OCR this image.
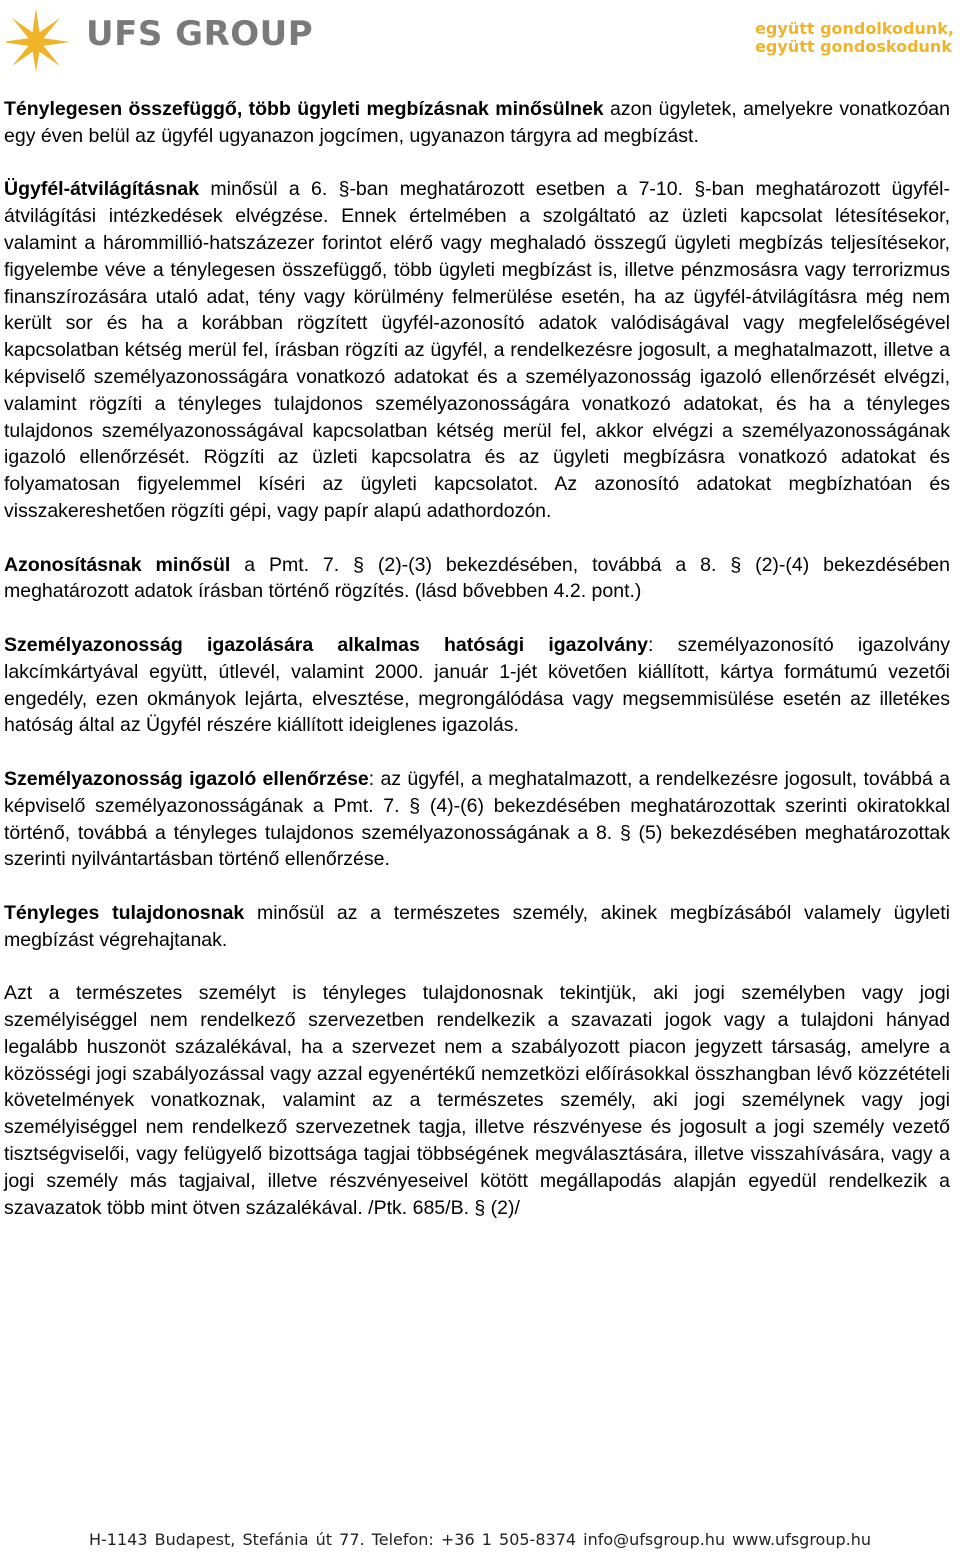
UFS GROUP	együtt gondolkodunk,
együtt gondoskodunk

Ténylegesen összefüggő, több ügyleti megbízásnak minősülnek azon ügyletek, amelyekre vonatkozóan egy éven belül az ügyfél ugyanazon jogcímen, ugyanazon tárgyra ad megbízást.

Ügyfél-átvilágításnak minősül a 6. §-ban meghatározott esetben a 7-10. §-ban meghatározott ügyfél-átvilágítási intézkedések elvégzése. Ennek értelmében a szolgáltató az üzleti kapcsolat létesítésekor, valamint a hárommillió-hatszázezer forintot elérő vagy meghaladó összegű ügyleti megbízás teljesítésekor, figyelembe véve a ténylegesen összefüggő, több ügyleti megbízást is, illetve pénzmosásra vagy terrorizmus finanszírozására utaló adat, tény vagy körülmény felmerülése esetén, ha az ügyfél-átvilágításra még nem került sor és ha a korábban rögzített ügyfél-azonosító adatok valódiságával vagy megfelelőségével kapcsolatban kétség merül fel, írásban rögzíti az ügyfél, a rendelkezésre jogosult, a meghatalmazott, illetve a képviselő személyazonosságára vonatkozó adatokat és a személyazonosság igazoló ellenőrzését elvégzi, valamint rögzíti a tényleges tulajdonos személyazonosságára vonatkozó adatokat, és ha a tényleges tulajdonos személyazonosságával kapcsolatban kétség merül fel, akkor elvégzi a személyazonosságának igazoló ellenőrzését. Rögzíti az üzleti kapcsolatra és az ügyleti megbízásra vonatkozó adatokat és folyamatosan figyelemmel kíséri az ügyleti kapcsolatot. Az azonosító adatokat megbízhatóan és visszakereshetően rögzíti gépi, vagy papír alapú adathordozón.

Azonosításnak minősül a Pmt. 7. § (2)-(3) bekezdésében, továbbá a 8. § (2)-(4) bekezdésében meghatározott adatok írásban történő rögzítés. (lásd bővebben 4.2. pont.)

Személyazonosság igazolására alkalmas hatósági igazolvány: személyazonosító igazolvány lakcímkártyával együtt, útlevél, valamint 2000. január 1-jét követően kiállított, kártya formátumú vezetői engedély, ezen okmányok lejárta, elvesztése, megrongálódása vagy megsemmisülése esetén az illetékes hatóság által az Ügyfél részére kiállított ideiglenes igazolás.

Személyazonosság igazoló ellenőrzése: az ügyfél, a meghatalmazott, a rendelkezésre jogosult, továbbá a képviselő személyazonosságának a Pmt. 7. § (4)-(6) bekezdésében meghatározottak szerinti okiratokkal történő, továbbá a tényleges tulajdonos személyazonosságának a 8. § (5) bekezdésében meghatározottak szerinti nyilvántartásban történő ellenőrzése.

Tényleges tulajdonosnak minősül az a természetes személy, akinek megbízásából valamely ügyleti megbízást végrehajtanak.

Azt a természetes személyt is tényleges tulajdonosnak tekintjük, aki jogi személyben vagy jogi személyiséggel nem rendelkező szervezetben rendelkezik a szavazati jogok vagy a tulajdoni hányad legalább huszonöt százalékával, ha a szervezet nem a szabályozott piacon jegyzett társaság, amelyre a közösségi jogi szabályozással vagy azzal egyenértékű nemzetközi előírásokkal összhangban lévő közzétételi követelmények vonatkoznak, valamint az a természetes személy, aki jogi személynek vagy jogi személyiséggel nem rendelkező szervezetnek tagja, illetve részvényese és jogosult a jogi személy vezető tisztségviselői, vagy felügyelő bizottsága tagjai többségének megválasztására, illetve visszahívására, vagy a jogi személy más tagjaival, illetve részvényeseivel kötött megállapodás alapján egyedül rendelkezik a szavazatok több mint ötven százalékával. /Ptk. 685/B. § (2)/

H-1143 Budapest, Stefánia út 77. Telefon: +36 1 505-8374 info@ufsgroup.hu www.ufsgroup.hu
